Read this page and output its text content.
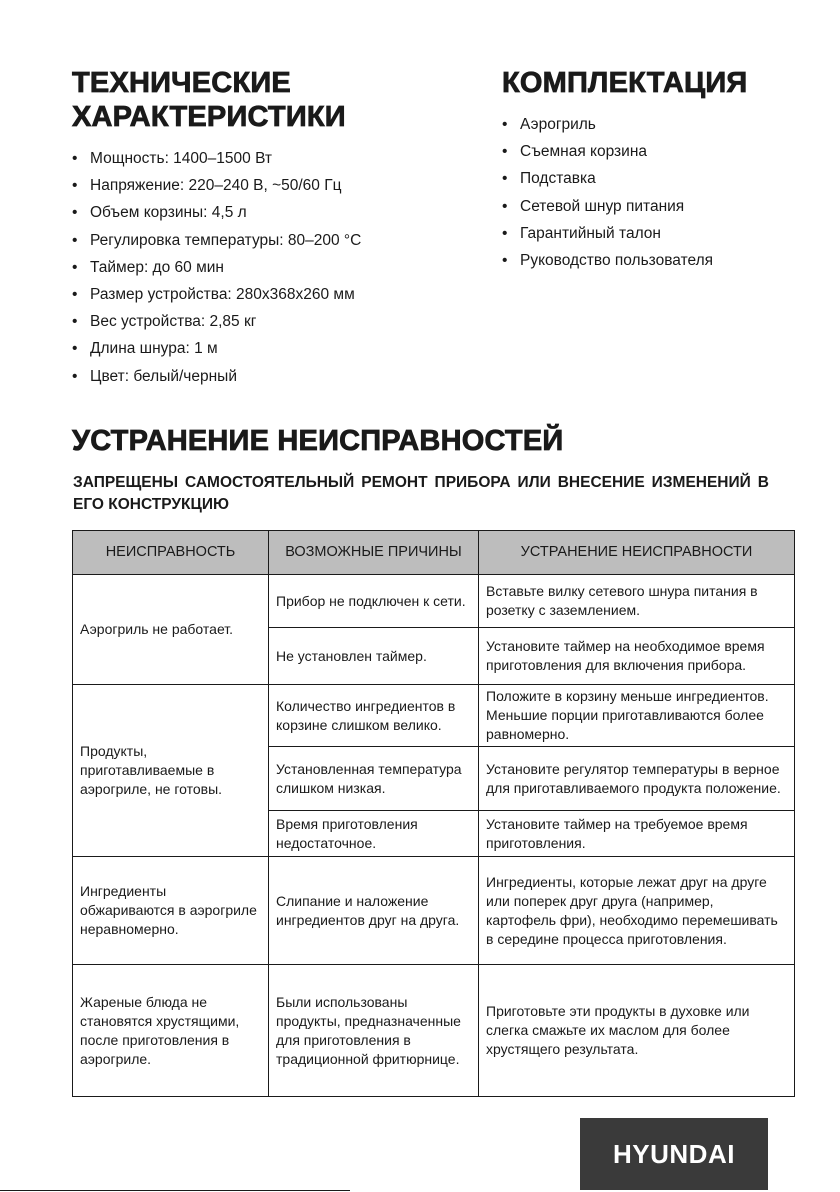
ТЕХНИЧЕСКИЕ
ХАРАКТЕРИСТИКИ
• Мощность: 1400–1500 Вт
• Напряжение: 220–240 В, ~50/60 Гц
• Объем корзины: 4,5 л
• Регулировка температуры: 80–200 °C
• Таймер: до 60 мин
• Размер устройства: 280х368х260 мм
• Вес устройства: 2,85 кг
• Длина шнура: 1 м
• Цвет: белый/черный
КОМПЛЕКТАЦИЯ
• Аэрогриль
• Съемная корзина
• Подставка
• Сетевой шнур питания
• Гарантийный талон
• Руководство пользователя
УСТРАНЕНИЕ НЕИСПРАВНОСТЕЙ

ЗАПРЕЩЕНЫ САМОСТОЯТЕЛЬНЫЙ РЕМОНТ ПРИБОРА ИЛИ ВНЕСЕНИЕ ИЗМЕНЕНИЙ В ЕГО КОНСТРУКЦИЮ

НЕИСПРАВНОСТЬ	ВОЗМОЖНЫЕ ПРИЧИНЫ	УСТРАНЕНИЕ НЕИСПРАВНОСТИ
Аэрогриль не работает.	Прибор не подключен к сети.	Вставьте вилку сетевого шнура питания в розетку с заземлением.
	Не установлен таймер.	Установите таймер на необходимое время приготовления для включения прибора.
Продукты, приготавливаемые в аэрогриле, не готовы.	Количество ингредиентов в корзине слишком велико.	Положите в корзину меньше ингредиентов. Меньшие порции приготавливаются более равномерно.
	Установленная температура слишком низкая.	Установите регулятор температуры в верное для приготавливаемого продукта положение.
	Время приготовления недостаточное.	Установите таймер на требуемое время приготовления.
Ингредиенты обжариваются в аэрогриле неравномерно.	Слипание и наложение ингредиентов друг на друга.	Ингредиенты, которые лежат друг на друге или поперек друг друга (например, картофель фри), необходимо перемешивать в середине процесса приготовления.
Жареные блюда не становятся хрустящими, после приготовления в аэрогриле.	Были использованы продукты, предназначенные для приготовления в традиционной фритюрнице.	Приготовьте эти продукты в духовке или слегка смажьте их маслом для более хрустящего результата.
HYUNDAI
